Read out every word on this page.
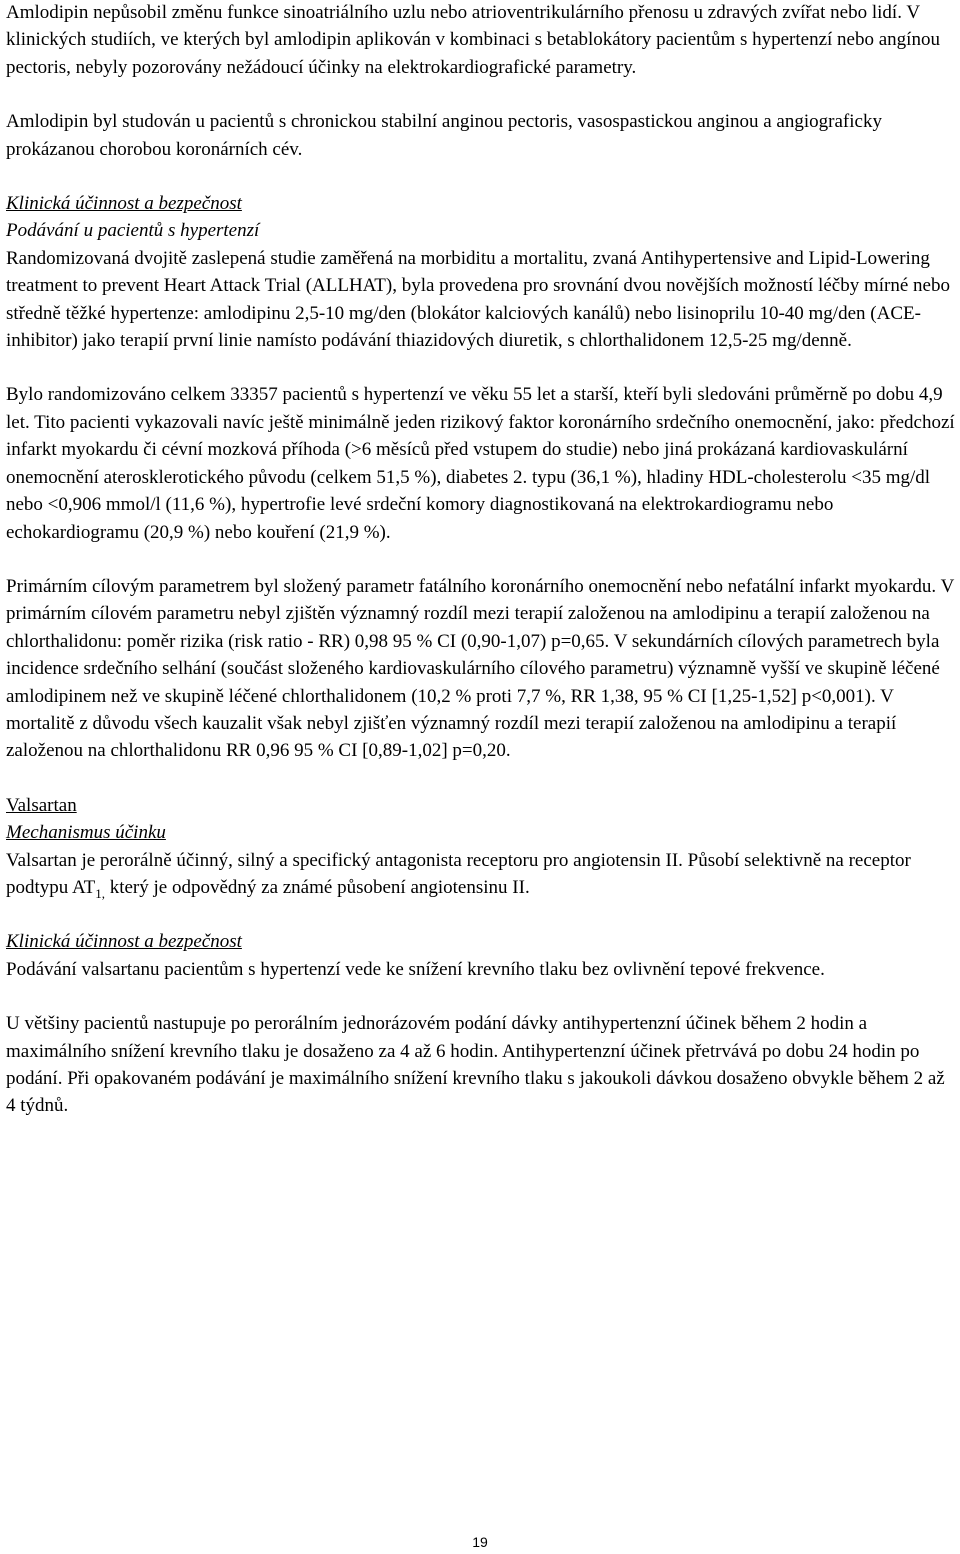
Amlodipin nepůsobil změnu funkce sinoatriálního uzlu nebo atrioventrikulárního přenosu u zdravých zvířat nebo lidí. V klinických studiích, ve kterých byl amlodipin aplikován v kombinaci s betablokátory pacientům s hypertenzí nebo angínou pectoris, nebyly pozorovány nežádoucí účinky na elektrokardiografické parametry.

Amlodipin byl studován u pacientů s chronickou stabilní anginou pectoris, vasospastickou anginou a angiograficky prokázanou chorobou koronárních cév.

Klinická účinnost a bezpečnost

Podávání u pacientů s hypertenzí

Randomizovaná dvojitě zaslepená studie zaměřená na morbiditu a mortalitu, zvaná Antihypertensive and Lipid-Lowering treatment to prevent Heart Attack Trial (ALLHAT), byla provedena pro srovnání dvou novějších možností léčby mírné nebo středně těžké hypertenze: amlodipinu 2,5-10 mg/den (blokátor kalciových kanálů) nebo lisinoprilu 10-40 mg/den (ACE-inhibitor) jako terapií první linie namísto podávání thiazidových diuretik, s chlorthalidonem 12,5-25 mg/denně.

Bylo randomizováno celkem 33357 pacientů s hypertenzí ve věku 55 let a starší, kteří byli sledováni průměrně po dobu 4,9 let. Tito pacienti vykazovali navíc ještě minimálně jeden rizikový faktor koronárního srdečního onemocnění, jako: předchozí infarkt myokardu či cévní mozková příhoda (>6 měsíců před vstupem do studie) nebo jiná prokázaná kardiovaskulární onemocnění aterosklerotického původu (celkem 51,5 %), diabetes 2. typu (36,1 %), hladiny HDL-cholesterolu <35 mg/dl nebo <0,906 mmol/l (11,6 %), hypertrofie levé srdeční komory diagnostikovaná na elektrokardiogramu nebo echokardiogramu (20,9 %) nebo kouření (21,9 %).

Primárním cílovým parametrem byl složený parametr fatálního koronárního onemocnění nebo nefatální infarkt myokardu. V primárním cílovém parametru nebyl zjištěn významný rozdíl mezi terapií založenou na amlodipinu a terapií založenou na chlorthalidonu: poměr rizika (risk ratio - RR) 0,98 95 % CI (0,90-1,07) p=0,65. V sekundárních cílových parametrech byla incidence srdečního selhání (součást složeného kardiovaskulárního cílového parametru) významně vyšší ve skupině léčené amlodipinem než ve skupině léčené chlorthalidonem (10,2 % proti 7,7 %, RR 1,38, 95 % CI [1,25-1,52] p<0,001). V mortalitě z důvodu všech kauzalit však nebyl zjišťen významný rozdíl mezi terapií založenou na amlodipinu a terapií založenou na chlorthalidonu RR 0,96 95 % CI [0,89-1,02] p=0,20.

Valsartan

Mechanismus účinku

Valsartan je perorálně účinný, silný a specifický antagonista receptoru pro angiotensin II. Působí selektivně na receptor podtypu $AT_{1,}$ který je odpovědný za známé působení angiotensinu II.

Klinická účinnost a bezpečnost

Podávání valsartanu pacientům s hypertenzí vede ke snížení krevního tlaku bez ovlivnění tepové frekvence.

U většiny pacientů nastupuje po perorálním jednorázovém podání dávky antihypertenzní účinek během 2 hodin a maximálního snížení krevního tlaku je dosaženo za 4 až 6 hodin. Antihypertenzní účinek přetrvává po dobu 24 hodin po podání. Při opakovaném podávání je maximálního snížení krevního tlaku s jakoukoli dávkou dosaženo obvykle během 2 až 4 týdnů.

19
